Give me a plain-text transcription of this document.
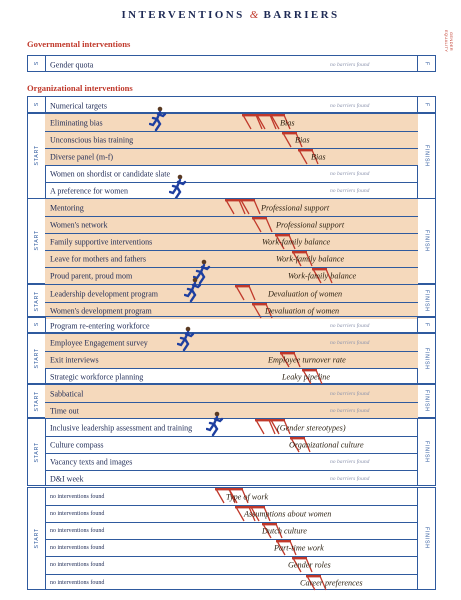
INTERVENTIONS & BARRIERS
GENDER EQUALITY
Governmental interventions
Organizational interventions
S	F
Gender quota	no barriers found
S	F
Numerical targets	no barriers found
START	FINISH
Eliminating bias	Bias
Unconscious bias training	Bias
Diverse panel (m-f)	Bias
Women on shordist or candidate slate	no barriers found
A preference for women	no barriers found
START	FINISH
Mentoring	Professional support
Women's network	Professional support
Family supportive interventions	Work-family balance
Leave for mothers and fathers	Work-family balance
Proud parent, proud mom	Work-family balance
START	FINISH
Leadership development program	Devaluation of women
Women's development program	Devaluation of women
S	F
Program re-entering workforce	no barriers found
START	FINISH
Employee Engagement survey	no barriers found
Exit interviews	Employee turnover rate
Strategic workforce planning	Leaky pipeline
START	FINISH
Sabbatical	no barriers found
Time out	no barriers found
START	FINISH
Inclusive leadership assessment and training	(Gender stereotypes)
Culture compass	Organizational culture
Vacancy texts and images	no barriers found
D&I week	no barriers found
START	FINISH
no interventions found	Type of work
no interventions found	Assumptions about women
no interventions found	Dutch culture
no interventions found	Part-time work
no interventions found	Gender roles
no interventions found	Career preferences
